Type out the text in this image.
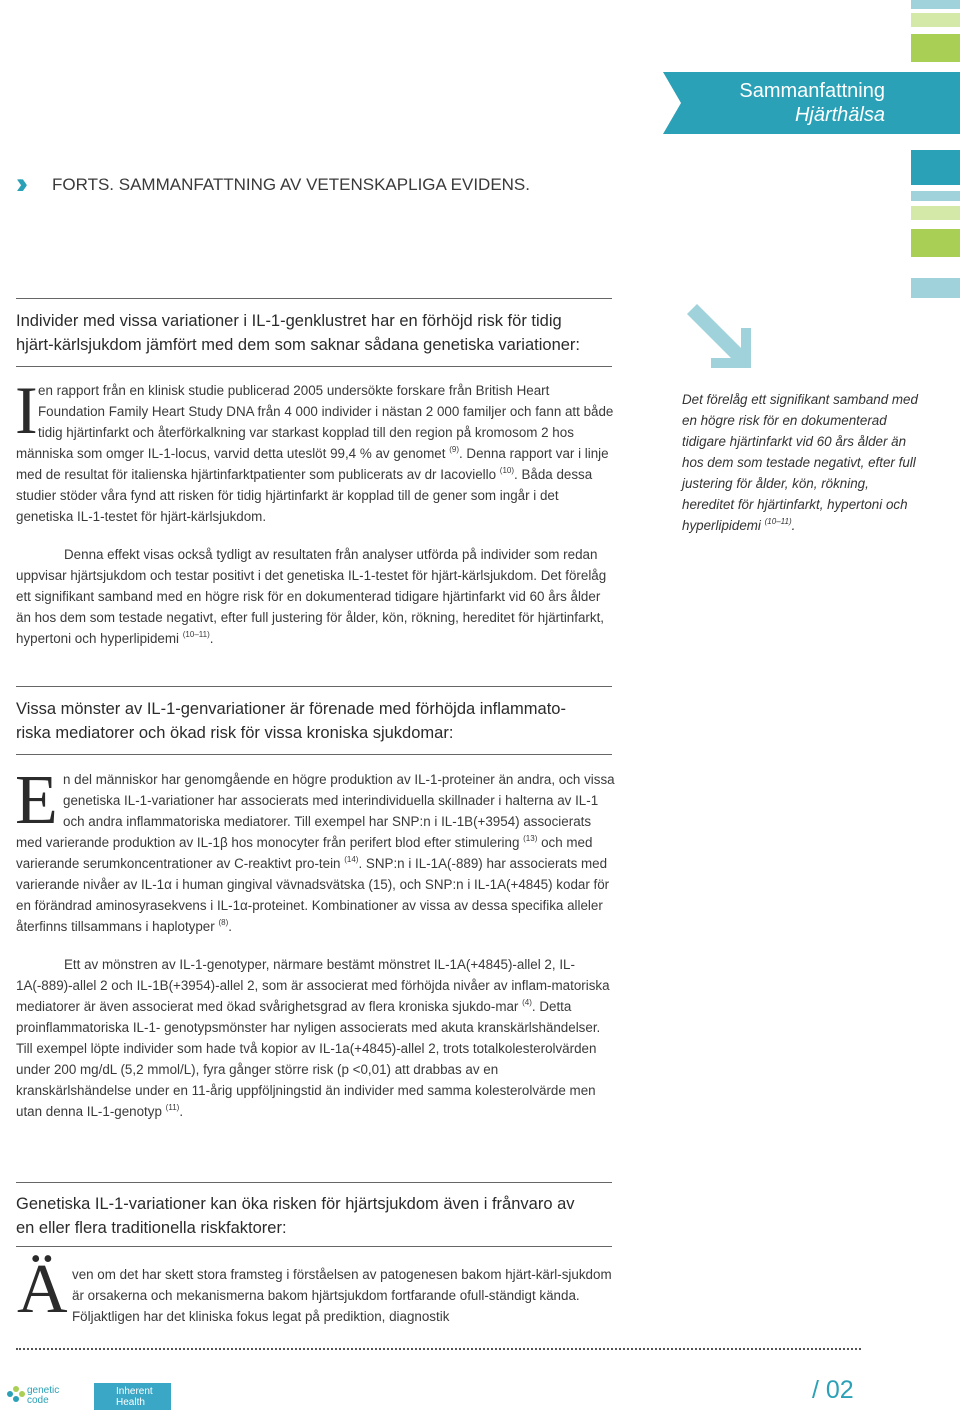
Sammanfattning
Hjärthälsa
›› FORTS. SAMMANFATTNING AV VETENSKAPLIGA EVIDENS.
Individer med vissa variationer i IL-1-genklustret har en förhöjd risk för tidig
hjärt-kärlsjukdom jämfört med dem som saknar sådana genetiska variationer:
I en rapport från en klinisk studie publicerad 2005 undersökte forskare från British Heart Foundation Family Heart Study DNA från 4 000 individer i nästan 2 000 familjer och fann att både tidig hjärtinfarkt och återförkalkning var starkast kopplad till den region på kromosom 2 hos människa som omger IL-1-locus, varvid detta uteslöt 99,4 % av genomet $^{(9)}$. Denna rapport var i linje med de resultat för italienska hjärtinfarktpatienter som publicerats av dr Iacoviello $^{(10)}$. Båda dessa studier stöder våra fynd att risken för tidig hjärtinfarkt är kopplad till de gener som ingår i det genetiska IL-1-testet för hjärt-kärlsjukdom.

Denna effekt visas också tydligt av resultaten från analyser utförda på individer som redan uppvisar hjärtsjukdom och testar positivt i det genetiska IL-1-testet för hjärt-kärlsjukdom. Det förelåg ett signifikant samband med en högre risk för en dokumenterad tidigare hjärtinfarkt vid 60 års ålder än hos dem som testade negativt, efter full justering för ålder, kön, rökning, hereditet för hjärtinfarkt, hypertoni och hyperlipidemi $^{(10-11)}$.

Det förelåg ett signifikant samband med en högre risk för en dokumenterad tidigare hjärtinfarkt vid 60 års ålder än hos dem som testade negativt, efter full justering för ålder, kön, rökning, hereditet för hjärtinfarkt, hypertoni och hyperlipidemi $^{(10-11)}$.
Vissa mönster av IL-1-genvariationer är förenade med förhöjda inflammato-
riska mediatorer och ökad risk för vissa kroniska sjukdomar:
E n del människor har genomgående en högre produktion av IL-1-proteiner än andra, och vissa genetiska IL-1-variationer har associerats med interindividuella skillnader i halterna av IL-1 och andra inflammatoriska mediatorer. Till exempel har SNP:n i IL-1B(+3954) associerats med varierande produktion av IL-1β hos monocyter från perifert blod efter stimulering $^{(13)}$ och med varierande serumkoncentrationer av C-reaktivt pro-tein $^{(14)}$. SNP:n i IL-1A(-889) har associerats med varierande nivåer av IL-1α i human gingival vävnadsvätska (15), och SNP:n i IL-1A(+4845) kodar för en förändrad aminosyrasekvens i IL-1α-proteinet. Kombinationer av vissa av dessa specifika alleler återfinns tillsammans i haplotyper $^{(8)}$.

Ett av mönstren av IL-1-genotyper, närmare bestämt mönstret IL-1A(+4845)-allel 2, IL-1A(-889)-allel 2 och IL-1B(+3954)-allel 2, som är associerat med förhöjda nivåer av inflam-matoriska mediatorer är även associerat med ökad svårighetsgrad av flera kroniska sjukdo-mar $^{(4)}$. Detta proinflammatoriska IL-1- genotypsmönster har nyligen associerats med akuta kranskärlshändelser. Till exempel löpte individer som hade två kopior av IL-1a(+4845)-allel 2, trots totalkolesterolvärden under 200 mg/dL (5,2 mmol/L), fyra gånger större risk (p <0,01) att drabbas av en kranskärlshändelse under en 11-årig uppföljningstid än individer med samma kolesterolvärde men utan denna IL-1-genotyp $^{(11)}$.

Genetiska IL-1-variationer kan öka risken för hjärtsjukdom även i frånvaro av
en eller flera traditionella riskfaktorer:
Ä ven om det har skett stora framsteg i förståelsen av patogenesen bakom hjärt-kärl-sjukdom är orsakerna och mekanismerna bakom hjärtsjukdom fortfarande ofull-ständigt kända. Följaktligen har det kliniska fokus legat på prediktion, diagnostik

genetic code
Inherent
Health	/ 02
